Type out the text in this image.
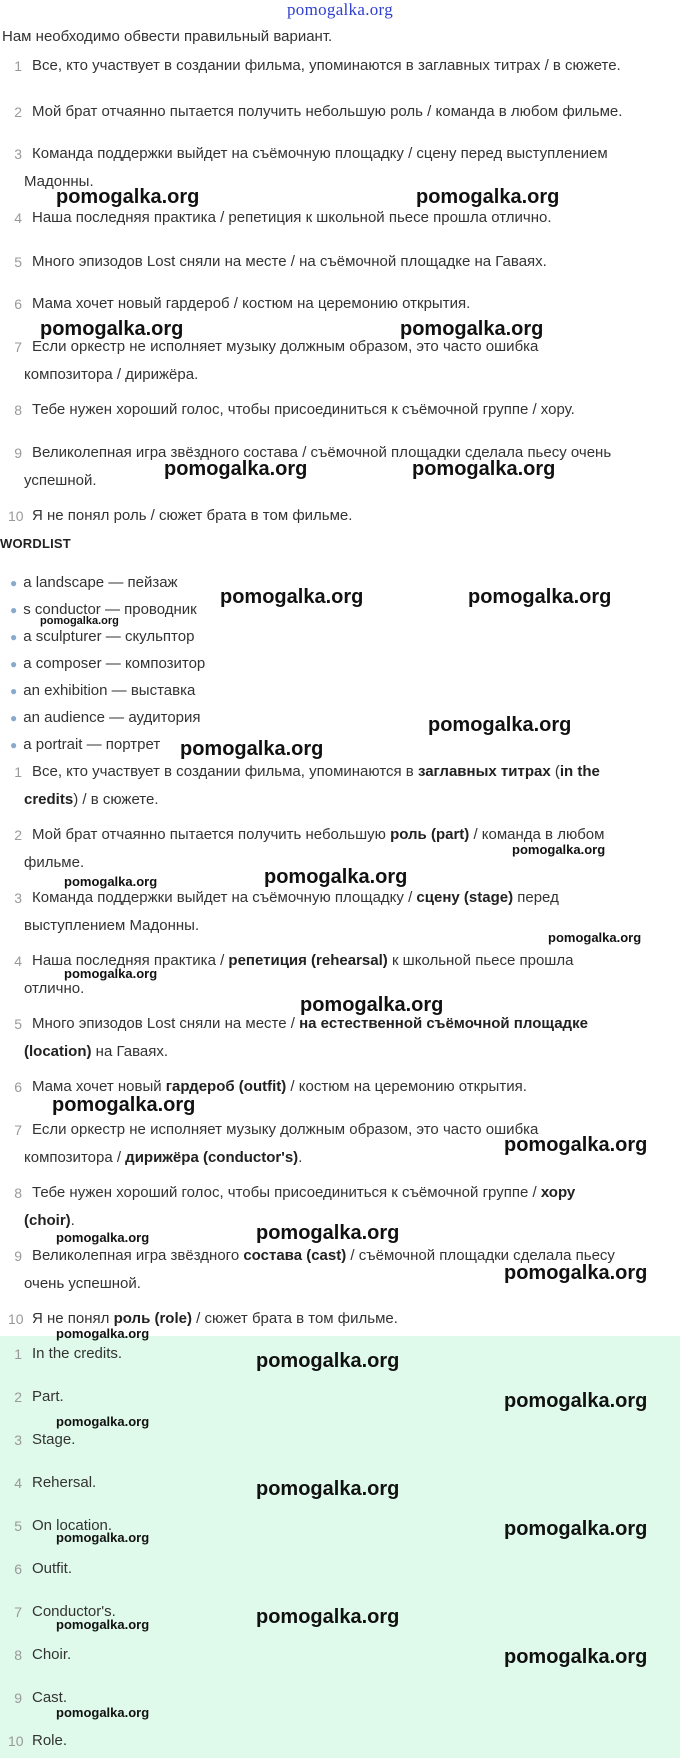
pomogalka.org
Нам необходимо обвести правильный вариант.
1 Все, кто участвует в создании фильма, упоминаются в заглавных титрах / в сюжете.
2 Мой брат отчаянно пытается получить небольшую роль / команда в любом фильме.
3 Команда поддержки выйдет на съёмочную площадку / сцену перед выступлением
Мадонны.
4 Наша последняя практика / репетиция к школьной пьесе прошла отлично.
5 Много эпизодов Lost сняли на месте / на съёмочной площадке на Гаваях.
6 Мама хочет новый гардероб / костюм на церемонию открытия.
7 Если оркестр не исполняет музыку должным образом, это часто ошибка
композитора / дирижёра.
8 Тебе нужен хороший голос, чтобы присоединиться к съёмочной группе / хору.
9 Великолепная игра звёздного состава / съёмочной площадки сделала пьесу очень
успешной.
10 Я не понял роль / сюжет брата в том фильме.
WORDLIST
● a landscape — пейзаж
● s conductor — проводник
● a sculpturer — скульптор
● a composer — композитор
● an exhibition — выставка
● an audience — аудитория
● a portrait — портрет
1 Все, кто участвует в создании фильма, упоминаются в заглавных титрах (in the
credits) / в сюжете.
2 Мой брат отчаянно пытается получить небольшую роль (part) / команда в любом
фильме.
3 Команда поддержки выйдет на съёмочную площадку / сцену (stage) перед
выступлением Мадонны.
4 Наша последняя практика / репетиция (rehearsal) к школьной пьесе прошла
отлично.
5 Много эпизодов Lost сняли на месте / на естественной съёмочной площадке
(location) на Гаваях.
6 Мама хочет новый гардероб (outfit) / костюм на церемонию открытия.
7 Если оркестр не исполняет музыку должным образом, это часто ошибка
композитора / дирижёра (conductor's).
8 Тебе нужен хороший голос, чтобы присоединиться к съёмочной группе / хору
(choir).
9 Великолепная игра звёздного состава (cast) / съёмочной площадки сделала пьесу
очень успешной.
10 Я не понял роль (role) / сюжет брата в том фильме.
1 In the credits.
2 Part.
3 Stage.
4 Rehersal.
5 On location.
6 Outfit.
7 Conductor's.
8 Choir.
9 Cast.
10 Role.
pomogalka.org	pomogalka.org
pomogalka.org	pomogalka.org
pomogalka.org	pomogalka.org
pomogalka.org	pomogalka.org
pomogalka.org
pomogalka.org
pomogalka.org
pomogalka.org
pomogalka.org	pomogalka.org
pomogalka.org
pomogalka.org
pomogalka.org
pomogalka.org
pomogalka.org
pomogalka.org	pomogalka.org
pomogalka.org
pomogalka.org
pomogalka.org
pomogalka.org
pomogalka.org
pomogalka.org
pomogalka.org
pomogalka.org
pomogalka.org	pomogalka.org
pomogalka.org
pomogalka.org
